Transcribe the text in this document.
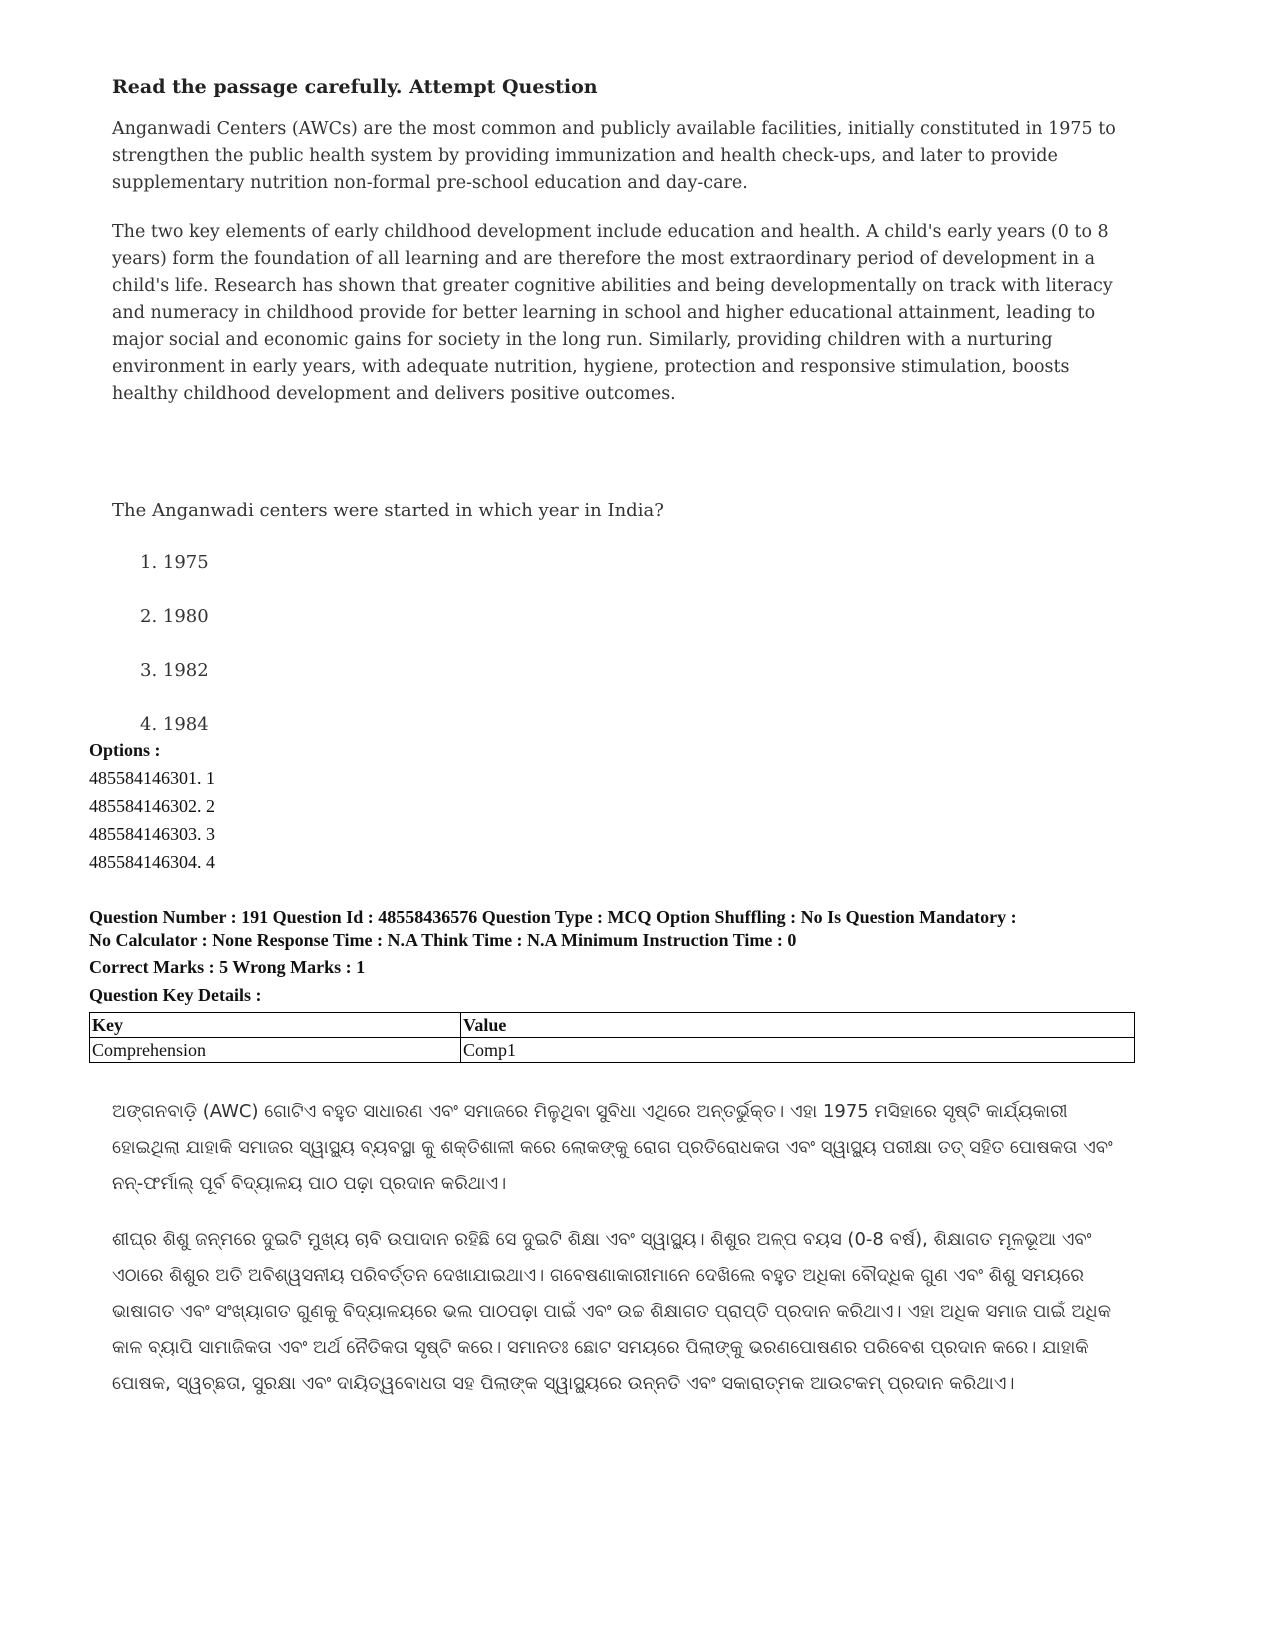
Read the passage carefully. Attempt Question

Anganwadi Centers (AWCs) are the most common and publicly available facilities, initially constituted in 1975 to strengthen the public health system by providing immunization and health check-ups, and later to provide supplementary nutrition non-formal pre-school education and day-care.

The two key elements of early childhood development include education and health. A child's early years (0 to 8 years) form the foundation of all learning and are therefore the most extraordinary period of development in a child's life. Research has shown that greater cognitive abilities and being developmentally on track with literacy and numeracy in childhood provide for better learning in school and higher educational attainment, leading to major social and economic gains for society in the long run. Similarly, providing children with a nurturing environment in early years, with adequate nutrition, hygiene, protection and responsive stimulation, boosts healthy childhood development and delivers positive outcomes.

The Anganwadi centers were started in which year in India?
1. 1975
2. 1980
3. 1982
4. 1984
Options :
485584146301. 1
485584146302. 2
485584146303. 3
485584146304. 4

Question Number : 191 Question Id : 48558436576 Question Type : MCQ Option Shuffling : No Is Question Mandatory :

No Calculator : None Response Time : N.A Think Time : N.A Minimum Instruction Time : 0

Correct Marks : 5 Wrong Marks : 1
Question Key Details :
Key	Value
Comprehension	Comp1

ଅଙ୍ଗନବାଡ଼ି (AWC) ଗୋଟିଏ ବହୁତ ସାଧାରଣ ଏବଂ ସମାଜରେ ମିଳୁଥିବା ସୁବିଧା ଏଥିରେ ଅନ୍ତର୍ଭୁକ୍ତ। ଏହା 1975 ମସିହାରେ ସୃଷ୍ଟି କାର୍ଯ୍ୟକାରୀ ହୋଇଥିଲା ଯାହାକି ସମାଜର ସ୍ୱାସ୍ଥ୍ୟ ବ୍ୟବସ୍ଥା କୁ ଶକ୍ତିଶାଳୀ କରେ ଲୋକଙ୍କୁ ରୋଗ ପ୍ରତିରୋଧକତା ଏବଂ ସ୍ୱାସ୍ଥ୍ୟ ପରୀକ୍ଷା ତତ୍ ସହିତ ପୋଷକତା ଏବଂ ନନ୍-ଫର୍ମାଲ୍ ପୂର୍ବ ବିଦ୍ୟାଳୟ ପାଠ ପଢ଼ା ପ୍ରଦାନ କରିଥାଏ।

ଶୀଘ୍ର ଶିଶୁ ଜନ୍ମରେ ଦୁଇଟି ମୁଖ୍ୟ ଚାବି ଉପାଦାନ ରହିଛି ସେ ଦୁଇଟି ଶିକ୍ଷା ଏବଂ ସ୍ୱାସ୍ଥ୍ୟ। ଶିଶୁର ଅଳ୍ପ ବୟସ (0-8 ବର୍ଷ), ଶିକ୍ଷାଗତ ମୂଳଭୂଆ ଏବଂ ଏଠାରେ ଶିଶୁର ଅତି ଅବିଶ୍ୱସନୀୟ ପରିବର୍ତ୍ତନ ଦେଖାଯାଇଥାଏ। ଗବେଷଣାକାରୀମାନେ ଦେଖିଲେ ବହୁତ ଅଧିକା ବୌଦ୍ଧିକ ଗୁଣ ଏବଂ ଶିଶୁ ସମୟରେ ଭାଷାଗତ ଏବଂ ସଂଖ୍ୟାଗତ ଗୁଣକୁ ବିଦ୍ୟାଳୟରେ ଭଲ ପାଠପଢ଼ା ପାଇଁ ଏବଂ ଉଚ୍ଚ ଶିକ୍ଷାଗତ ପ୍ରାପ୍ତି ପ୍ରଦାନ କରିଥାଏ। ଏହା ଅଧିକ ସମାଜ ପାଇଁ ଅଧିକ କାଳ ବ୍ୟାପି ସାମାଜିକତା ଏବଂ ଅର୍ଥ ନୈତିକତା ସୃଷ୍ଟି କରେ। ସମାନତଃ ଛୋଟ ସମୟରେ ପିଲାଙ୍କୁ ଭରଣପୋଷଣର ପରିବେଶ ପ୍ରଦାନ କରେ। ଯାହାକି ପୋଷକ, ସ୍ୱଚ୍ଛତା, ସୁରକ୍ଷା ଏବଂ ଦାୟିତ୍ୱବୋଧତା ସହ ପିଲାଙ୍କ ସ୍ୱାସ୍ଥ୍ୟରେ ଉନ୍ନତି ଏବଂ ସକାରାତ୍ମକ ଆଉଟକମ୍ ପ୍ରଦାନ କରିଥାଏ।
